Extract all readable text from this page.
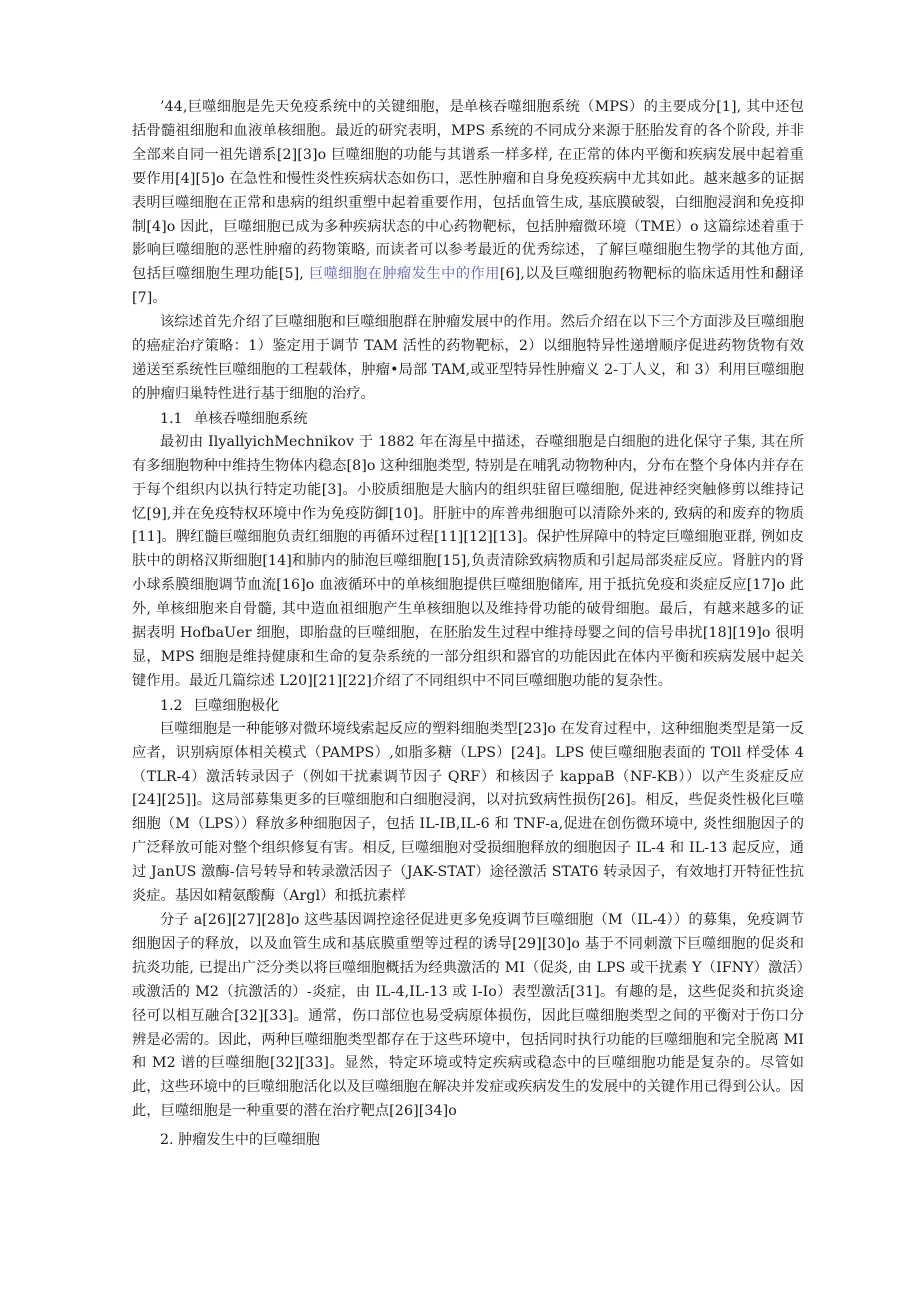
’44,巨噬细胞是先天免疫系统中的关键细胞，是单核吞噬细胞系统（MPS）的主要成分[1], 其中还包括骨髓祖细胞和血液单核细胞。最近的研究表明，MPS 系统的不同成分来源于胚胎发育的各个阶段, 并非全部来自同一祖先谱系[2][3]o 巨噬细胞的功能与其谱系一样多样, 在正常的体内平衡和疾病发展中起着重要作用[4][5]o 在急性和慢性炎性疾病状态如伤口，恶性肿瘤和自身免疫疾病中尤其如此。越来越多的证据表明巨噬细胞在正常和患病的组织重塑中起着重要作用，包括血管生成, 基底膜破裂，白细胞浸润和免疫抑制[4]o 因此，巨噬细胞已成为多种疾病状态的中心药物靶标，包括肿瘤微环境（TME）o 这篇综述着重于影响巨噬细胞的恶性肿瘤的药物策略, 而读者可以参考最近的优秀综述，了解巨噬细胞生物学的其他方面, 包括巨噬细胞生理功能[5], 巨噬细胞在肿瘤发生中的作用[6],以及巨噬细胞药物靶标的临床适用性和翻译[7]。

该综述首先介绍了巨噬细胞和巨噬细胞群在肿瘤发展中的作用。然后介绍在以下三个方面涉及巨噬细胞的癌症治疗策略：1）鉴定用于调节 TAM 活性的药物靶标，2）以细胞特异性递增顺序促进药物货物有效递送至系统性巨噬细胞的工程载体，肿瘤•局部 TAM,或亚型特异性肿瘤义 2-丁人义，和 3）利用巨噬细胞的肿瘤归巢特性进行基于细胞的治疗。

1.1 单核吞噬细胞系统

最初由 IlyallyichMechnikov 于 1882 年在海星中描述，吞噬细胞是白细胞的进化保守子集, 其在所有多细胞物种中维持生物体内稳态[8]o 这种细胞类型, 特别是在哺乳动物物种内，分布在整个身体内并存在于每个组织内以执行特定功能[3]。小胶质细胞是大脑内的组织驻留巨噬细胞, 促进神经突触修剪以维持记忆[9],并在免疫特权环境中作为免疫防御[10]。肝脏中的库普弗细胞可以清除外来的, 致病的和废弃的物质[11]。脾红髓巨噬细胞负责红细胞的再循环过程[11][12][13]。保护性屏障中的特定巨噬细胞亚群, 例如皮肤中的朗格汉斯细胞[14]和肺内的肺泡巨噬细胞[15],负责清除致病物质和引起局部炎症反应。肾脏内的肾小球系膜细胞调节血流[16]o 血液循环中的单核细胞提供巨噬细胞储库, 用于抵抗免疫和炎症反应[17]o 此外, 单核细胞来自骨髓, 其中造血祖细胞产生单核细胞以及维持骨功能的破骨细胞。最后，有越来越多的证据表明 HofbaUer 细胞，即胎盘的巨噬细胞，在胚胎发生过程中维持母婴之间的信号串扰[18][19]o 很明显，MPS 细胞是维持健康和生命的复杂系统的一部分组织和器官的功能因此在体内平衡和疾病发展中起关键作用。最近几篇综述 L20][21][22]介绍了不同组织中不同巨噬细胞功能的复杂性。

1.2 巨噬细胞极化

巨噬细胞是一种能够对微环境线索起反应的塑料细胞类型[23]o 在发育过程中，这种细胞类型是第一反应者，识别病原体相关模式（PAMPS）,如脂多糖（LPS）[24]。LPS 使巨噬细胞表面的 TOll 样受体 4（TLR-4）激活转录因子（例如干扰素调节因子 QRF）和核因子 kappaB（NF-KB））以产生炎症反应[24][25]]。这局部募集更多的巨噬细胞和白细胞浸润，以对抗致病性损伤[26]。相反，些促炎性极化巨噬细胞（M（LPS））释放多种细胞因子，包括 IL-IB,IL-6 和 TNF-a,促进在创伤微环境中, 炎性细胞因子的广泛释放可能对整个组织修复有害。相反, 巨噬细胞对受损细胞释放的细胞因子 IL-4 和 IL-13 起反应，通过 JanUS 激酶-信号转导和转录激活因子（JAK-STAT）途径激活 STAT6 转录因子，有效地打开特征性抗炎症。基因如精氨酸酶（Argl）和抵抗素样

分子 a[26][27][28]o 这些基因调控途径促进更多免疫调节巨噬细胞（M（IL-4））的募集，免疫调节细胞因子的释放，以及血管生成和基底膜重塑等过程的诱导[29][30]o 基于不同刺激下巨噬细胞的促炎和抗炎功能, 已提出广泛分类以将巨噬细胞概括为经典激活的 MI（促炎, 由 LPS 或干扰素 Y（IFNY）激活）或激活的 M2（抗激活的）-炎症，由 IL-4,IL-13 或 I-Io）表型激活[31]。有趣的是，这些促炎和抗炎途径可以相互融合[32][33]。通常，伤口部位也易受病原体损伤，因此巨噬细胞类型之间的平衡对于伤口分辨是必需的。因此，两种巨噬细胞类型都存在于这些环境中，包括同时执行功能的巨噬细胞和完全脱离 MI 和 M2 谱的巨噬细胞[32][33]。显然，特定环境或特定疾病或稳态中的巨噬细胞功能是复杂的。尽管如此，这些环境中的巨噬细胞活化以及巨噬细胞在解决并发症或疾病发生的发展中的关键作用已得到公认。因此，巨噬细胞是一种重要的潜在治疗靶点[26][34]o

2. 肿瘤发生中的巨噬细胞
